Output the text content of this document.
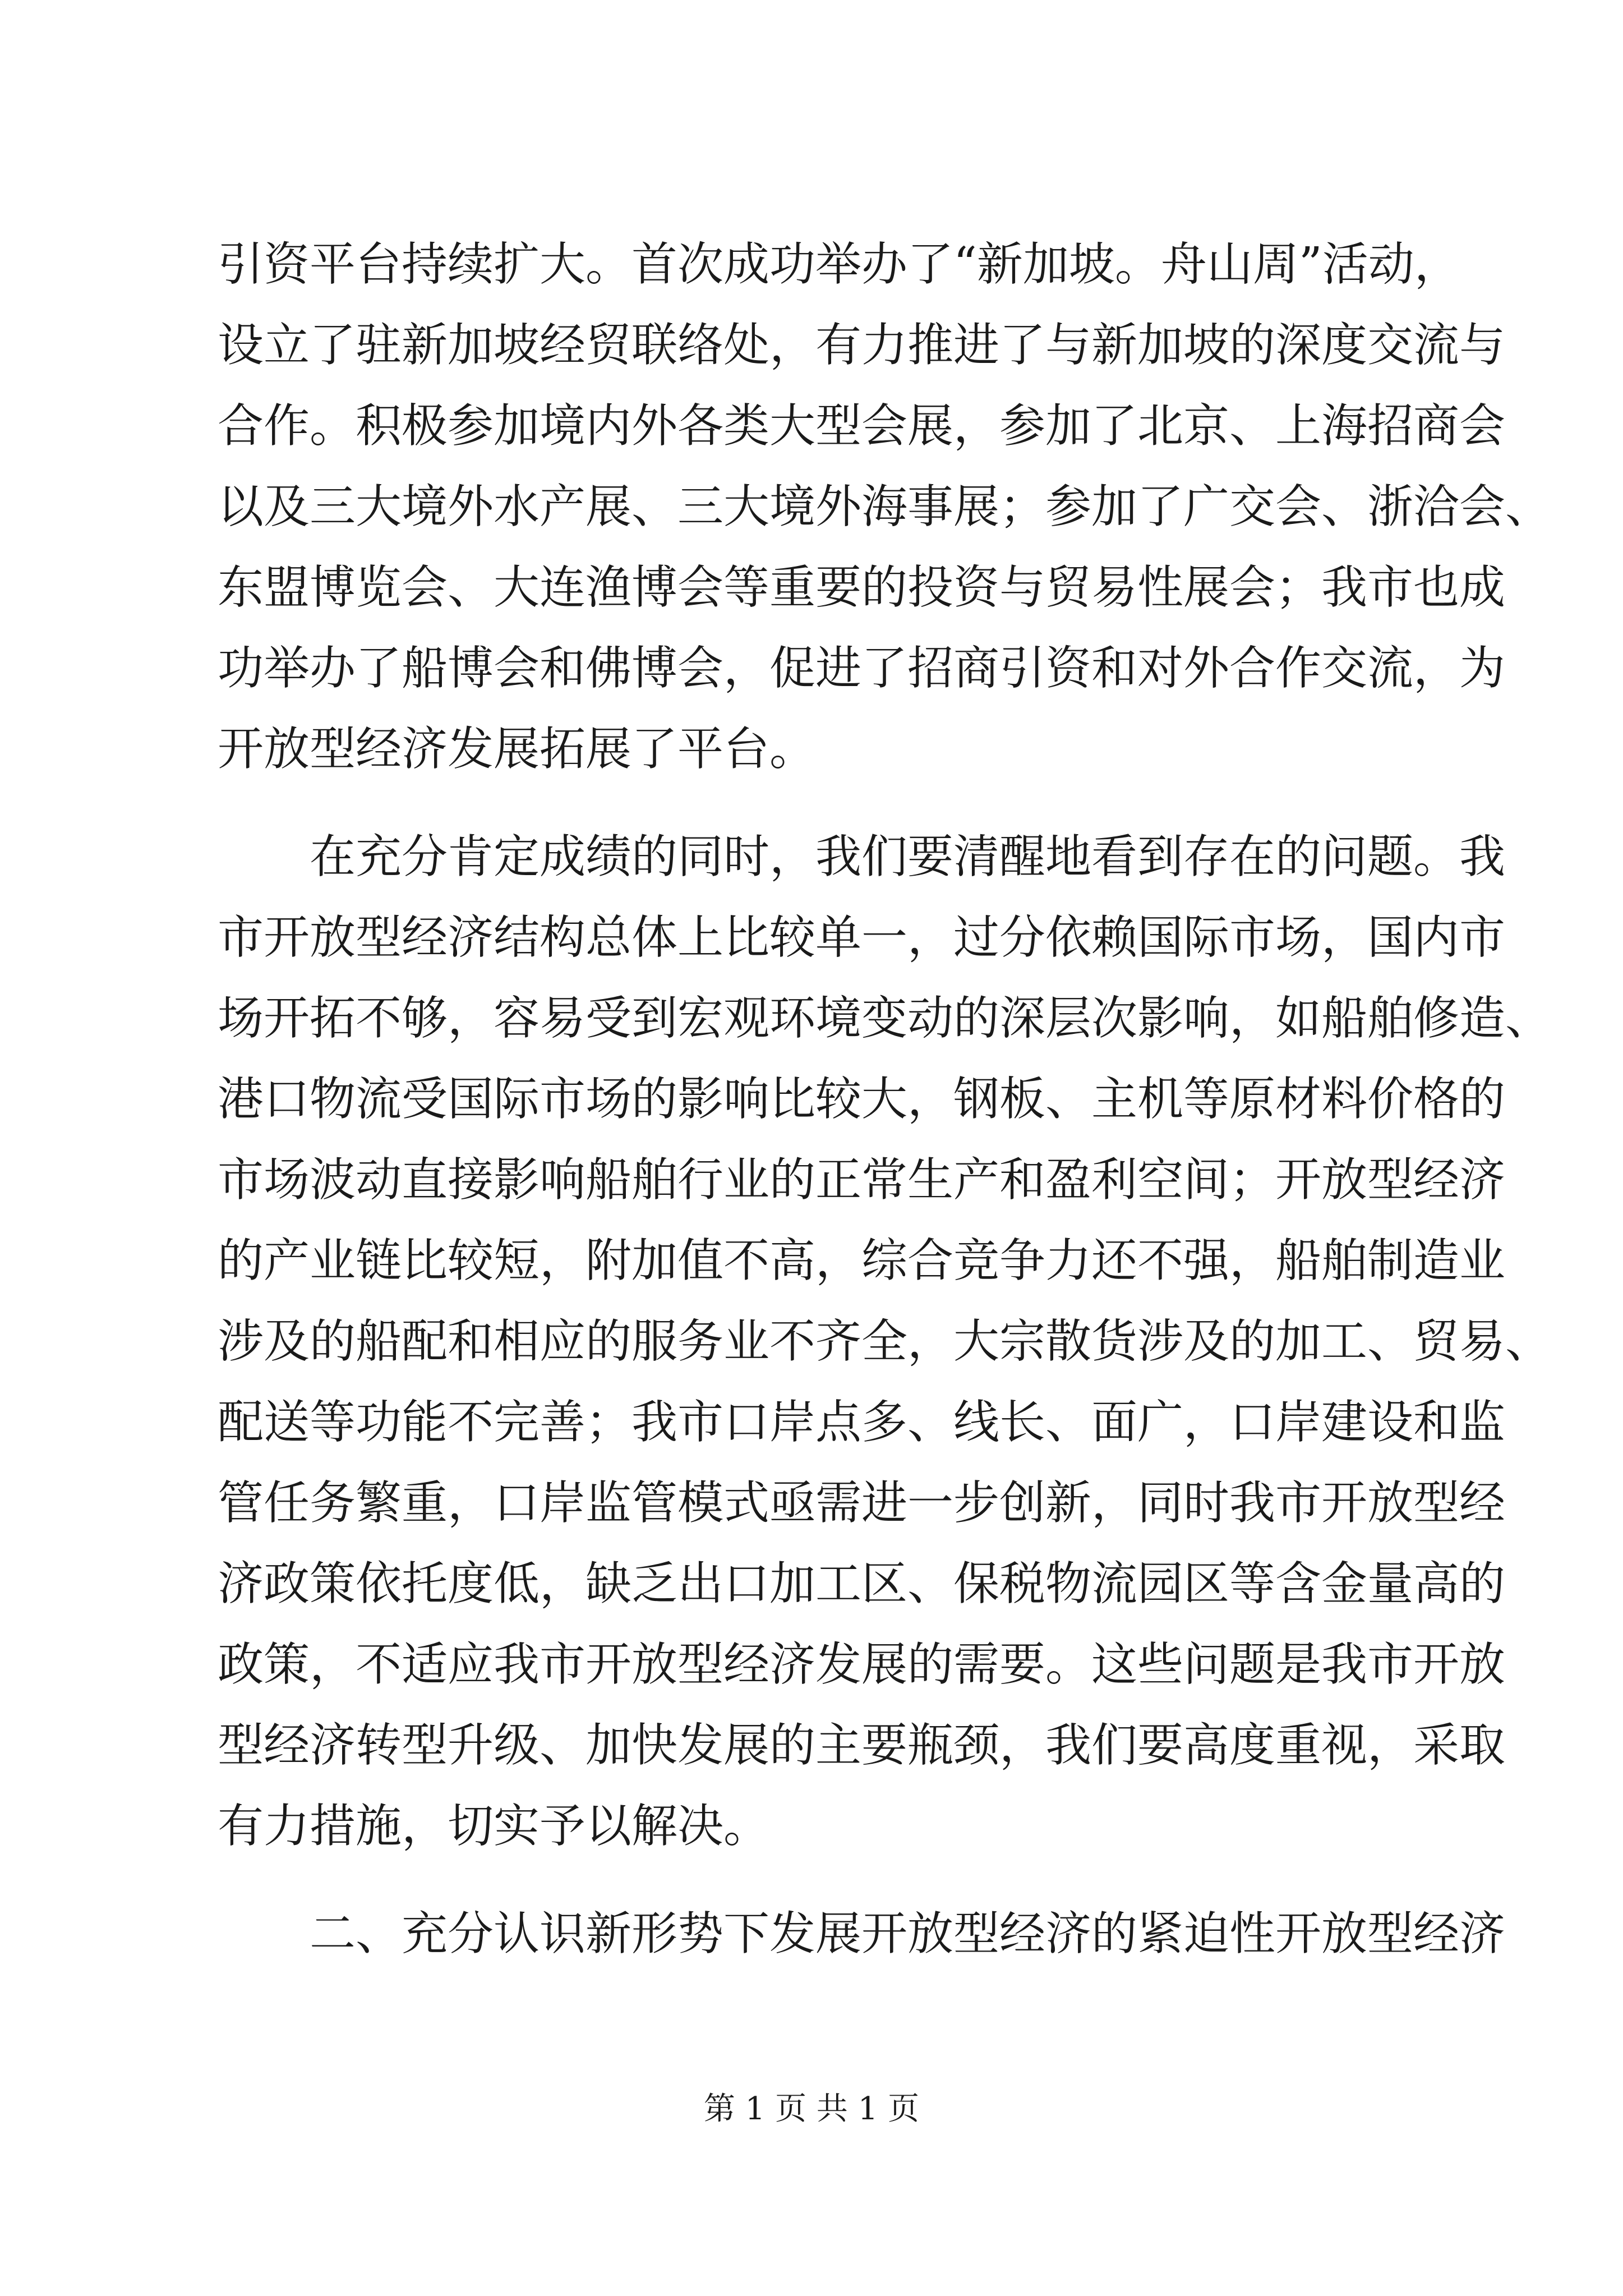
引资平台持续扩大。首次成功举办了“新加坡。舟山周”活动，
设立了驻新加坡经贸联络处，有力推进了与新加坡的深度交流与
合作。积极参加境内外各类大型会展，参加了北京、上海招商会
以及三大境外水产展、三大境外海事展；参加了广交会、浙洽会、
东盟博览会、大连渔博会等重要的投资与贸易性展会；我市也成
功举办了船博会和佛博会，促进了招商引资和对外合作交流，为
开放型经济发展拓展了平台。
　　在充分肯定成绩的同时，我们要清醒地看到存在的问题。我
市开放型经济结构总体上比较单一，过分依赖国际市场，国内市
场开拓不够，容易受到宏观环境变动的深层次影响，如船舶修造、
港口物流受国际市场的影响比较大，钢板、主机等原材料价格的
市场波动直接影响船舶行业的正常生产和盈利空间；开放型经济
的产业链比较短，附加值不高，综合竞争力还不强，船舶制造业
涉及的船配和相应的服务业不齐全，大宗散货涉及的加工、贸易、
配送等功能不完善；我市口岸点多、线长、面广，口岸建设和监
管任务繁重，口岸监管模式亟需进一步创新，同时我市开放型经
济政策依托度低，缺乏出口加工区、保税物流园区等含金量高的
政策，不适应我市开放型经济发展的需要。这些问题是我市开放
型经济转型升级、加快发展的主要瓶颈，我们要高度重视，采取
有力措施，切实予以解决。
　　二、充分认识新形势下发展开放型经济的紧迫性开放型经济
第 1 页 共 1 页
